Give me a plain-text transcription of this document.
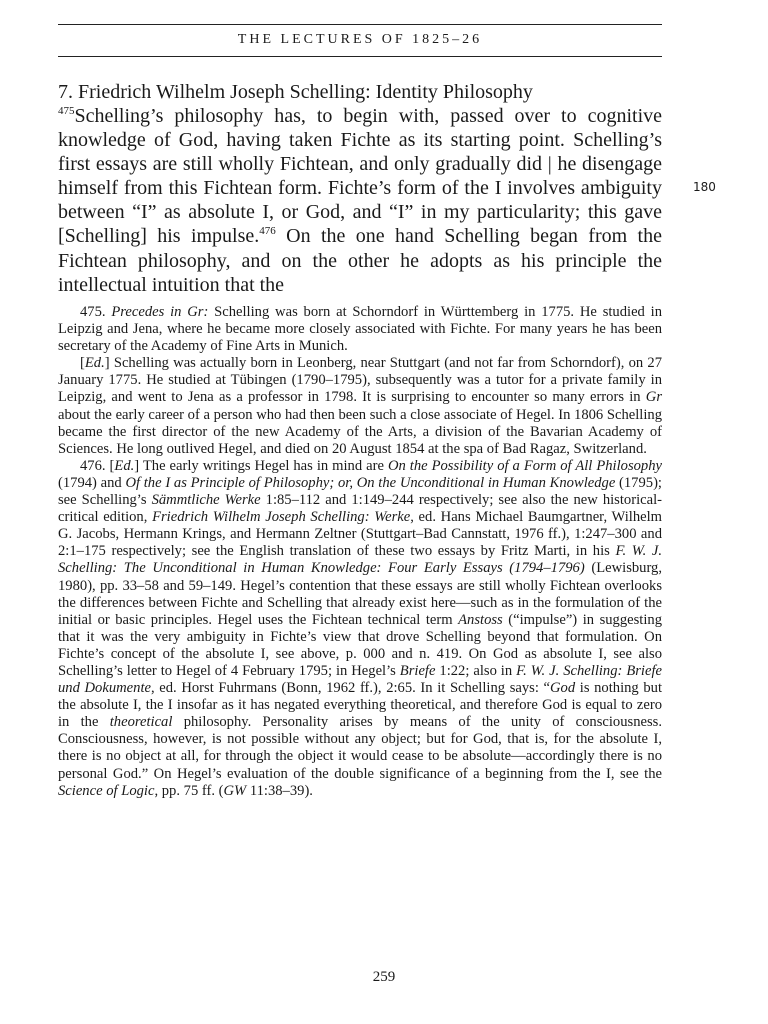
THE LECTURES OF 1825–26
7. Friedrich Wilhelm Joseph Schelling: Identity Philosophy

$^{475}$Schelling’s philosophy has, to begin with, passed over to cognitive knowledge of God, having taken Fichte as its starting point. Schelling’s first essays are still wholly Fichtean, and only gradually did | he disengage himself from this Fichtean form. Fichte’s form of the I involves ambiguity between “I” as absolute I, or God, and “I” in my particularity; this gave [Schelling] his impulse.$^{476}$ On the one hand Schelling began from the Fichtean philosophy, and on the other he adopts as his principle the intellectual intuition that the

180

475. Precedes in Gr: Schelling was born at Schorndorf in Württemberg in 1775. He studied in Leipzig and Jena, where he became more closely associated with Fichte. For many years he has been secretary of the Academy of Fine Arts in Munich.

[Ed.] Schelling was actually born in Leonberg, near Stuttgart (and not far from Schorndorf), on 27 January 1775. He studied at Tübingen (1790–1795), subsequently was a tutor for a private family in Leipzig, and went to Jena as a professor in 1798. It is surprising to encounter so many errors in Gr about the early career of a person who had then been such a close associate of Hegel. In 1806 Schelling became the first director of the new Academy of the Arts, a division of the Bavarian Academy of Sciences. He long outlived Hegel, and died on 20 August 1854 at the spa of Bad Ragaz, Switzerland.

476. [Ed.] The early writings Hegel has in mind are On the Possibility of a Form of All Philosophy (1794) and Of the I as Principle of Philosophy; or, On the Unconditional in Human Knowledge (1795); see Schelling’s Sämmtliche Werke 1:85–112 and 1:149–244 respectively; see also the new historical-critical edition, Friedrich Wilhelm Joseph Schelling: Werke, ed. Hans Michael Baumgartner, Wilhelm G. Jacobs, Hermann Krings, and Hermann Zeltner (Stuttgart–Bad Cannstatt, 1976 ff.), 1:247–300 and 2:1–175 respectively; see the English translation of these two essays by Fritz Marti, in his F. W. J. Schelling: The Unconditional in Human Knowledge: Four Early Essays (1794–1796) (Lewisburg, 1980), pp. 33–58 and 59–149. Hegel’s contention that these essays are still wholly Fichtean overlooks the differences between Fichte and Schelling that already exist here—such as in the formulation of the initial or basic principles. Hegel uses the Fichtean technical term Anstoss (“impulse”) in suggesting that it was the very ambiguity in Fichte’s view that drove Schelling beyond that formulation. On Fichte’s concept of the absolute I, see above, p. 000 and n. 419. On God as absolute I, see also Schelling’s letter to Hegel of 4 February 1795; in Hegel’s Briefe 1:22; also in F. W. J. Schelling: Briefe und Dokumente, ed. Horst Fuhrmans (Bonn, 1962 ff.), 2:65. In it Schelling says: “God is nothing but the absolute I, the I insofar as it has negated everything theoretical, and therefore God is equal to zero in the theoretical philosophy. Personality arises by means of the unity of consciousness. Consciousness, however, is not possible without any object; but for God, that is, for the absolute I, there is no object at all, for through the object it would cease to be absolute—accordingly there is no personal God.” On Hegel’s evaluation of the double significance of a beginning from the I, see the Science of Logic, pp. 75 ff. (GW 11:38–39).

259
